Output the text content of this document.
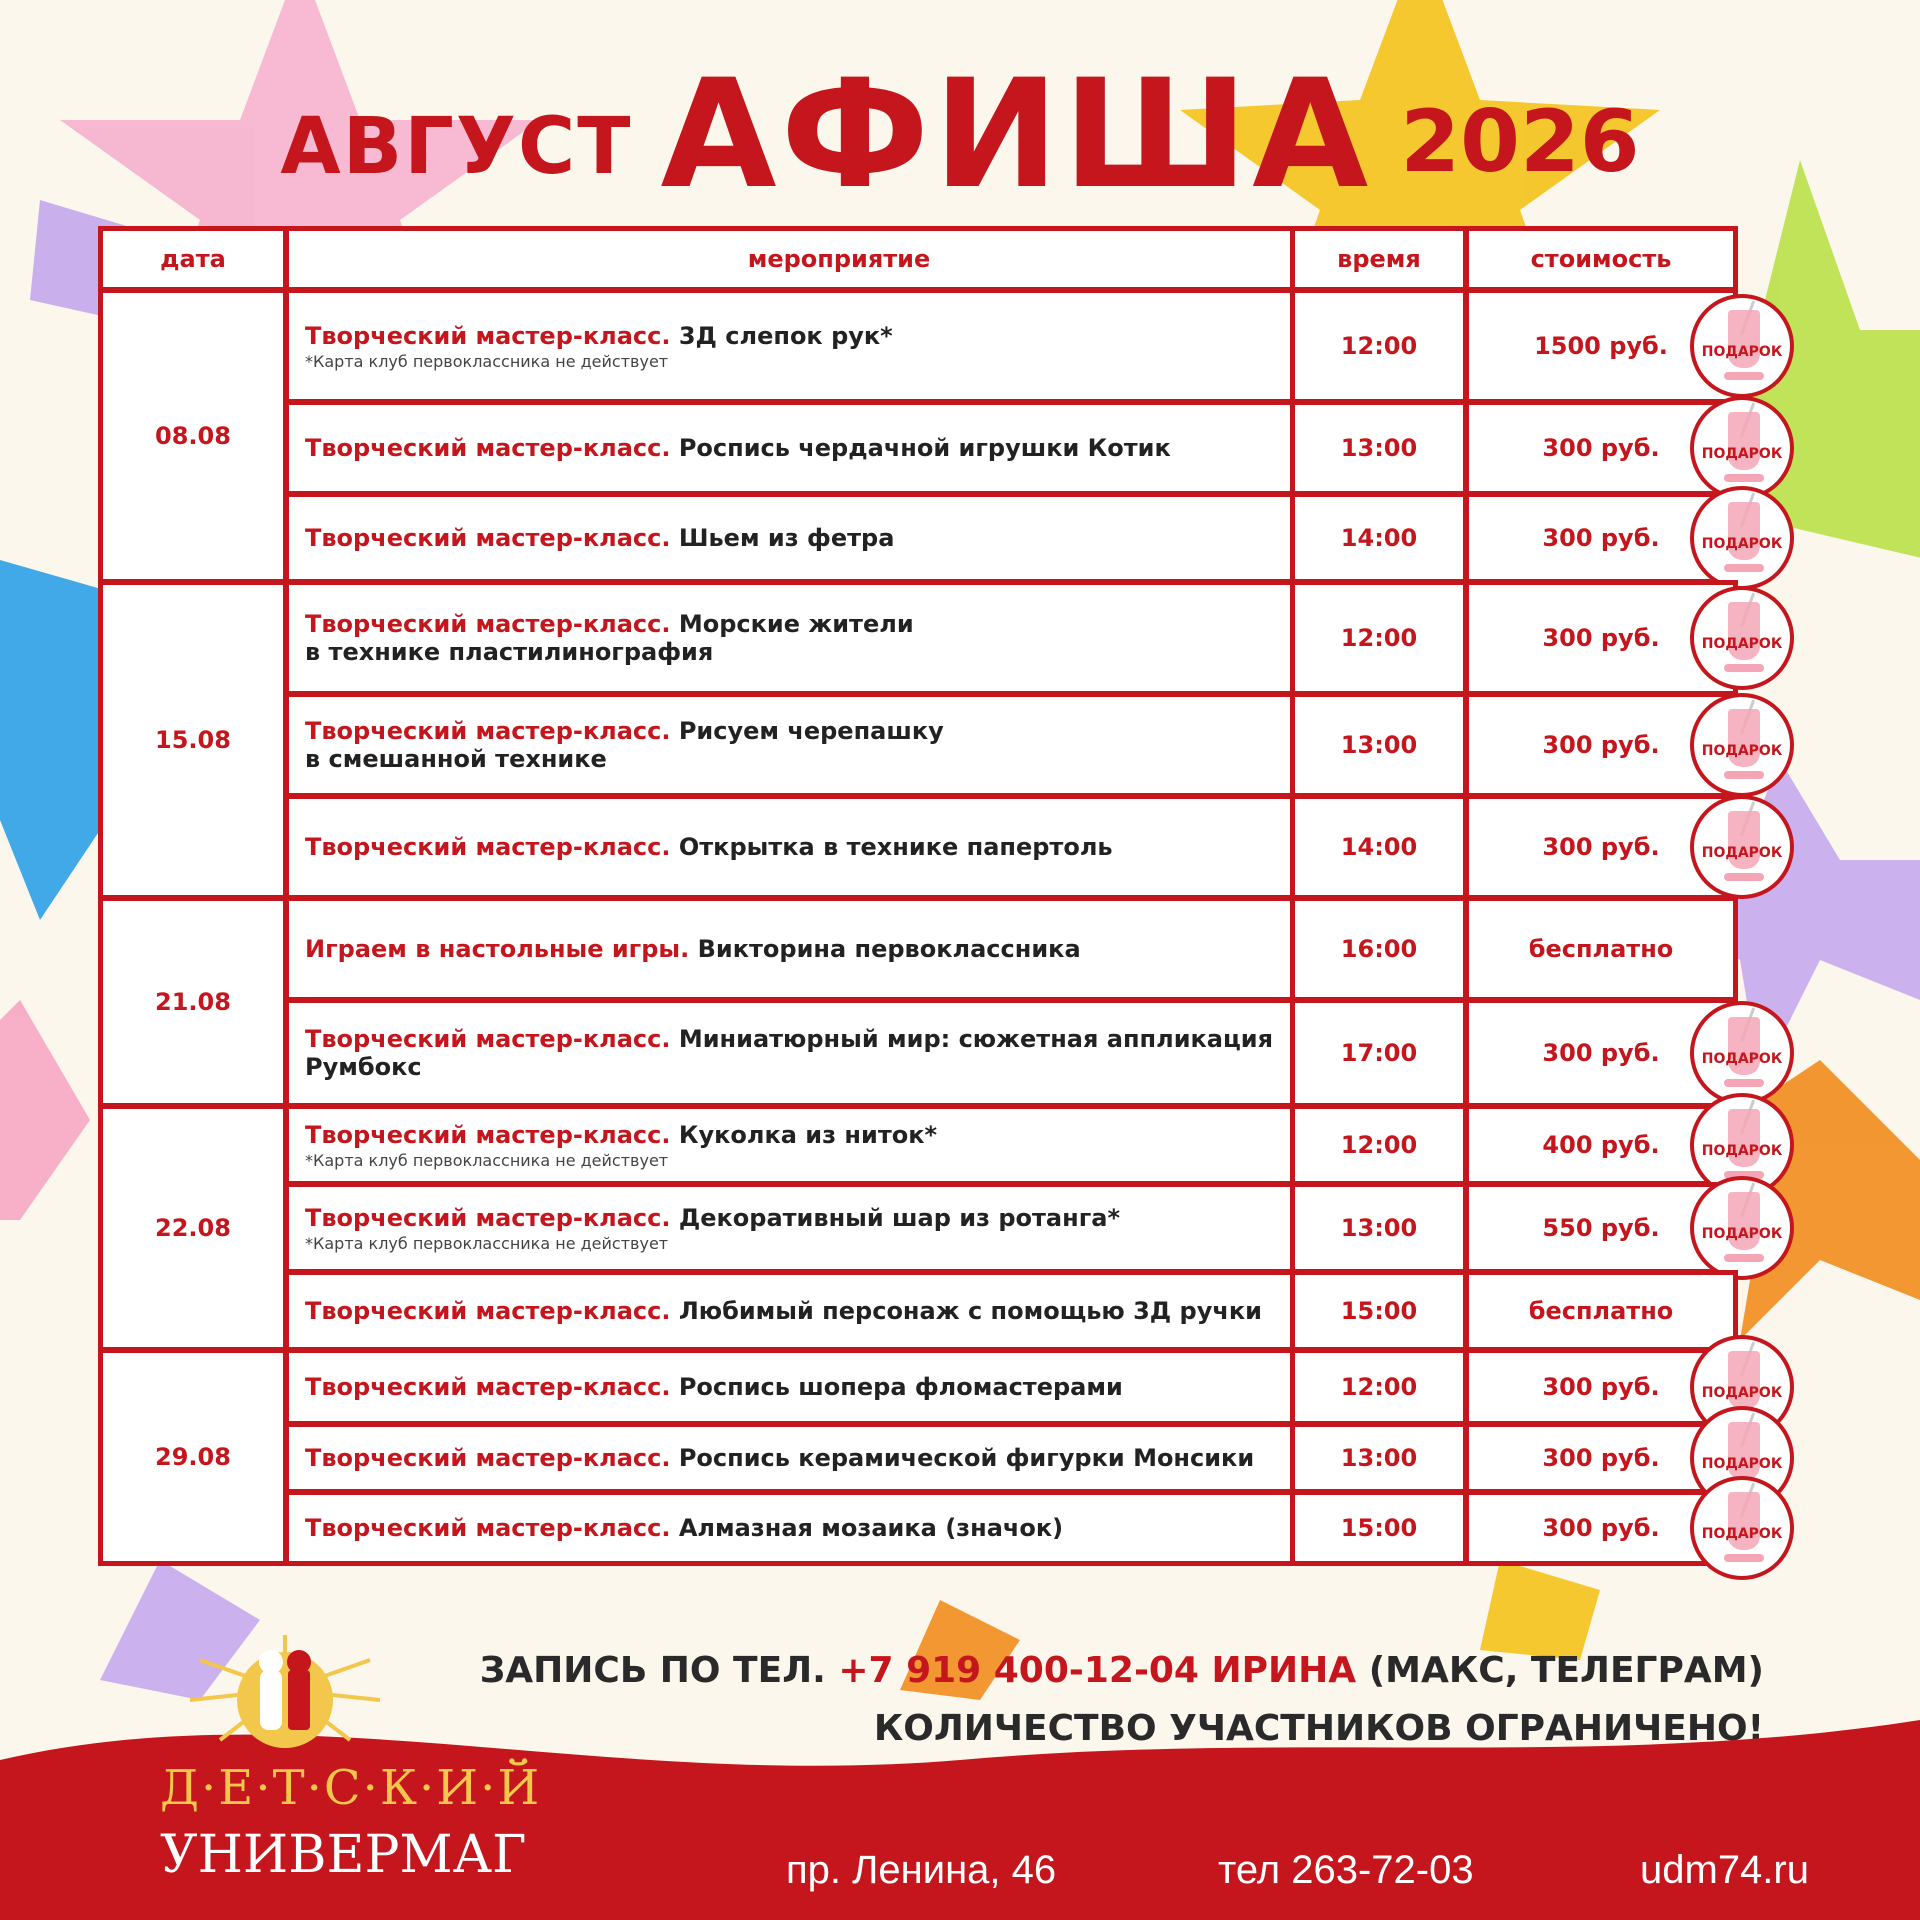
АВГУСТ АФИША 2026
дата	мероприятие	время	стоимость
08.08
Творческий мастер-класс. 3Д слепок рук*
*Карта клуб первоклассника не действует
12:00	1500 руб.	ПОДАРОК
Творческий мастер-класс. Роспись чердачной игрушки Котик	13:00	300 руб.	ПОДАРОК
Творческий мастер-класс. Шьем из фетра	14:00	300 руб.	ПОДАРОК
15.08
Творческий мастер-класс. Морские жители
в технике пластилинография	12:00	300 руб.	ПОДАРОК
Творческий мастер-класс. Рисуем черепашку
в смешанной технике	13:00	300 руб.	ПОДАРОК
Творческий мастер-класс. Открытка в технике папертоль	14:00	300 руб.	ПОДАРОК
21.08
Играем в настольные игры. Викторина первоклассника	16:00	бесплатно
Творческий мастер-класс. Миниатюрный мир: сюжетная аппликация
Румбокс	17:00	300 руб.	ПОДАРОК
22.08
Творческий мастер-класс. Куколка из ниток*
*Карта клуб первоклассника не действует
12:00	400 руб.	ПОДАРОК
Творческий мастер-класс. Декоративный шар из ротанга*
*Карта клуб первоклассника не действует
13:00	550 руб.	ПОДАРОК
Творческий мастер-класс. Любимый персонаж с помощью 3Д ручки	15:00	бесплатно
29.08
Творческий мастер-класс. Роспись шопера фломастерами	12:00	300 руб.	ПОДАРОК
Творческий мастер-класс. Роспись керамической фигурки Монсики	13:00	300 руб.	ПОДАРОК
Творческий мастер-класс. Алмазная мозаика (значок)	15:00	300 руб.	ПОДАРОК
ЗАПИСЬ ПО ТЕЛ. +7 919 400-12-04 ИРИНА (МАКС, ТЕЛЕГРАМ)
КОЛИЧЕСТВО УЧАСТНИКОВ ОГРАНИЧЕНО!
Д·Е·Т·С·К·И·Й
УНИВЕРМАГ	пр. Ленина, 46	тел 263-72-03	udm74.ru
